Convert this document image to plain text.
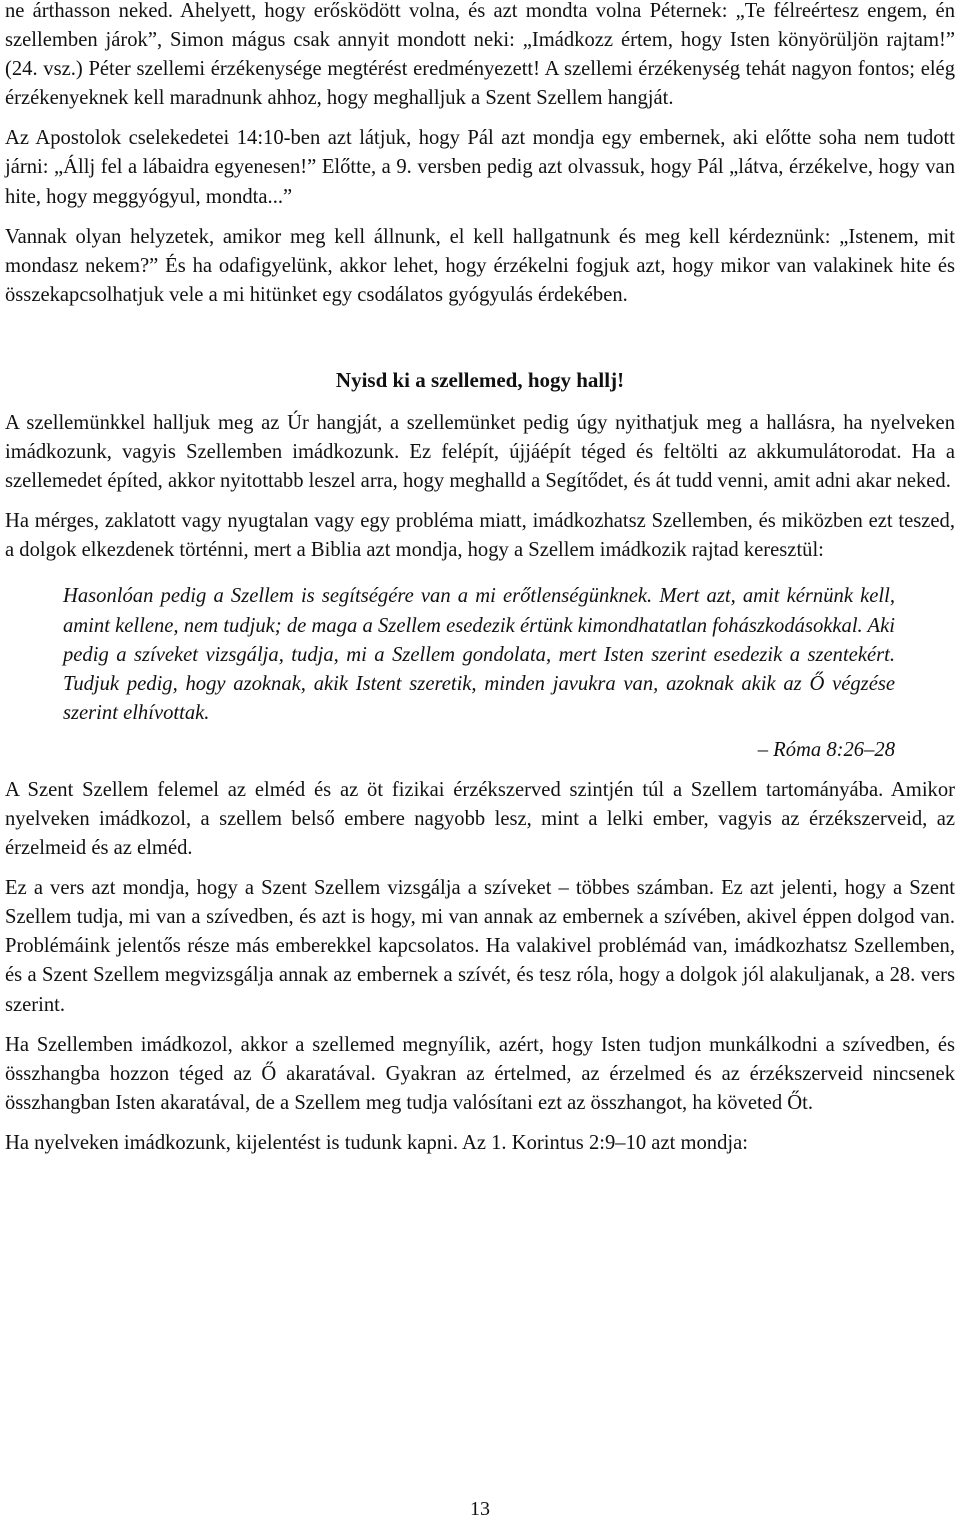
ne árthasson neked. Ahelyett, hogy erősködött volna, és azt mondta volna Péternek: „Te félreértesz engem, én szellemben járok”, Simon mágus csak annyit mondott neki: „Imádkozz értem, hogy Isten könyörüljön rajtam!” (24. vsz.) Péter szellemi érzékenysége megtérést eredményezett! A szellemi érzékenység tehát nagyon fontos; elég érzékenyeknek kell maradnunk ahhoz, hogy meghalljuk a Szent Szellem hangját.

Az Apostolok cselekedetei 14:10-ben azt látjuk, hogy Pál azt mondja egy embernek, aki előtte soha nem tudott járni: „Állj fel a lábaidra egyenesen!” Előtte, a 9. versben pedig azt olvassuk, hogy Pál „látva, érzékelve, hogy van hite, hogy meggyógyul, mondta...”

Vannak olyan helyzetek, amikor meg kell állnunk, el kell hallgatnunk és meg kell kérdeznünk: „Istenem, mit mondasz nekem?” És ha odafigyelünk, akkor lehet, hogy érzékelni fogjuk azt, hogy mikor van valakinek hite és összekapcsolhatjuk vele a mi hitünket egy csodálatos gyógyulás érdekében.

Nyisd ki a szellemed, hogy hallj!

A szellemünkkel halljuk meg az Úr hangját, a szellemünket pedig úgy nyithatjuk meg a hallásra, ha nyelveken imádkozunk, vagyis Szellemben imádkozunk. Ez felépít, újjáépít téged és feltölti az akkumulátorodat. Ha a szellemedet építed, akkor nyitottabb leszel arra, hogy meghalld a Segítődet, és át tudd venni, amit adni akar neked.

Ha mérges, zaklatott vagy nyugtalan vagy egy probléma miatt, imádkozhatsz Szellemben, és miközben ezt teszed, a dolgok elkezdenek történni, mert a Biblia azt mondja, hogy a Szellem imádkozik rajtad keresztül:

Hasonlóan pedig a Szellem is segítségére van a mi erőtlenségünknek. Mert azt, amit kérnünk kell, amint kellene, nem tudjuk; de maga a Szellem esedezik értünk kimondhatatlan fohászkodásokkal. Aki pedig a szíveket vizsgálja, tudja, mi a Szellem gondolata, mert Isten szerint esedezik a szentekért. Tudjuk pedig, hogy azoknak, akik Istent szeretik, minden javukra van, azoknak akik az Ő végzése szerint elhívottak.
– Róma 8:26–28

A Szent Szellem felemel az elméd és az öt fizikai érzékszerved szintjén túl a Szellem tartományába. Amikor nyelveken imádkozol, a szellem belső embere nagyobb lesz, mint a lelki ember, vagyis az érzékszerveid, az érzelmeid és az elméd.

Ez a vers azt mondja, hogy a Szent Szellem vizsgálja a szíveket – többes számban. Ez azt jelenti, hogy a Szent Szellem tudja, mi van a szívedben, és azt is hogy, mi van annak az embernek a szívében, akivel éppen dolgod van. Problémáink jelentős része más emberekkel kapcsolatos. Ha valakivel problémád van, imádkozhatsz Szellemben, és a Szent Szellem megvizsgálja annak az embernek a szívét, és tesz róla, hogy a dolgok jól alakuljanak, a 28. vers szerint.

Ha Szellemben imádkozol, akkor a szellemed megnyílik, azért, hogy Isten tudjon munkálkodni a szívedben, és összhangba hozzon téged az Ő akaratával. Gyakran az értelmed, az érzelmed és az érzékszerveid nincsenek összhangban Isten akaratával, de a Szellem meg tudja valósítani ezt az összhangot, ha követed Őt.

Ha nyelveken imádkozunk, kijelentést is tudunk kapni. Az 1. Korintus 2:9–10 azt mondja:

13
